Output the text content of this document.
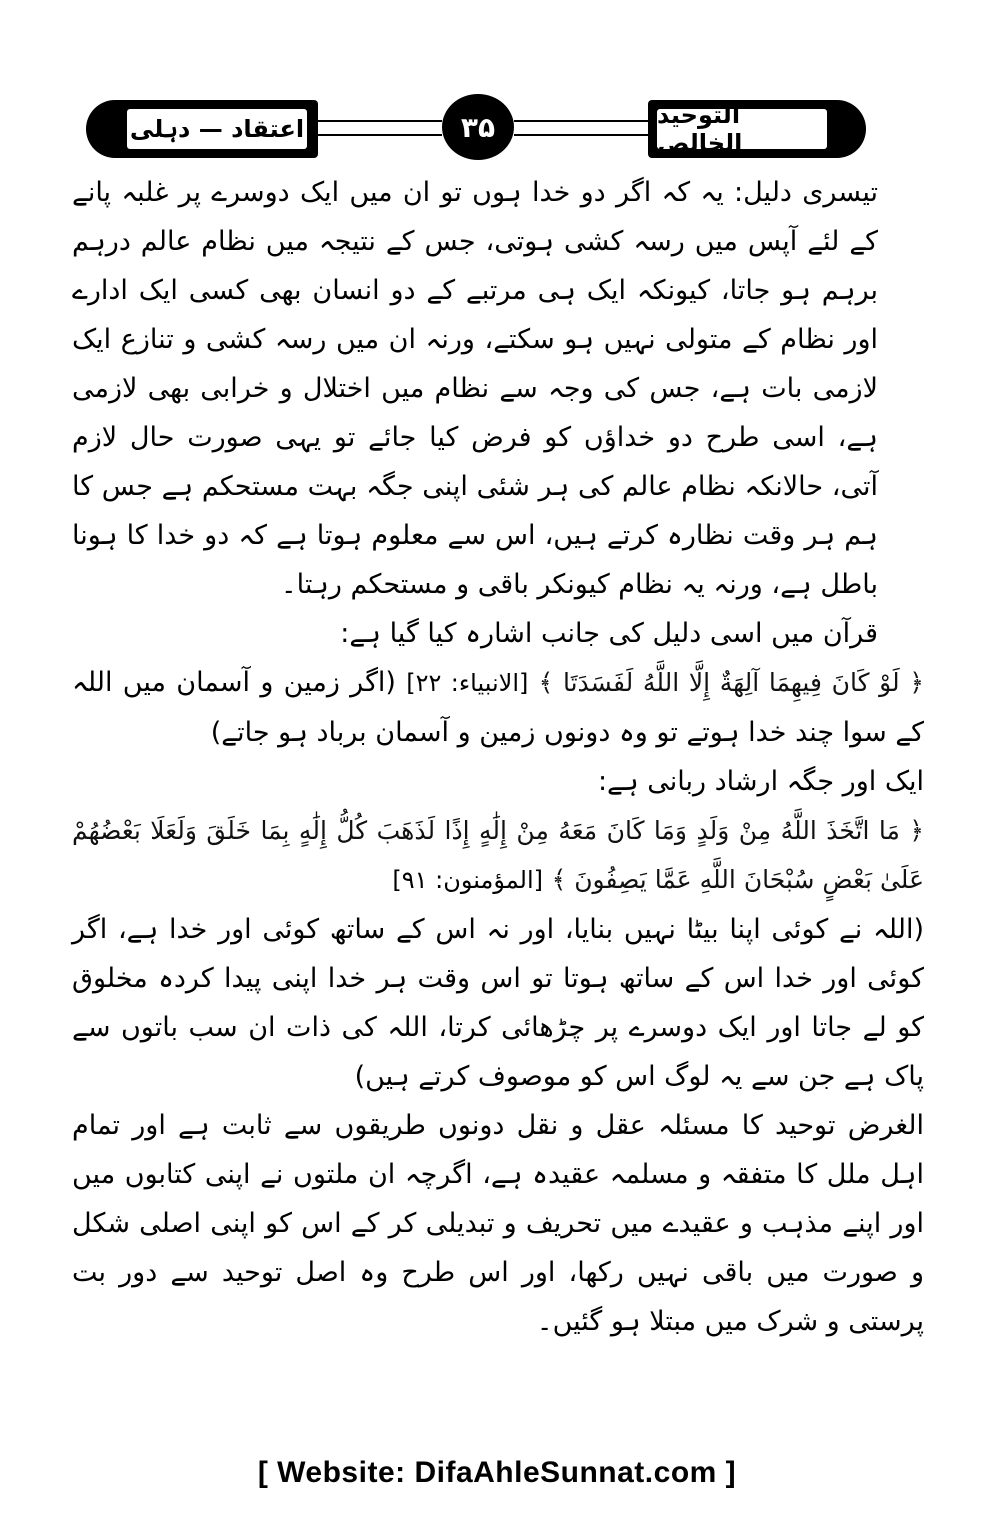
اعتقاد — دہلی	۳۵	التوحید الخالص

تیسری دلیل: یہ کہ اگر دو خدا ہوں تو ان میں ایک دوسرے پر غلبہ پانے کے لئے آپس میں رسہ کشی ہوتی، جس کے نتیجہ میں نظام عالم درہم برہم ہو جاتا، کیونکہ ایک ہی مرتبے کے دو انسان بھی کسی ایک ادارے اور نظام کے متولی نہیں ہو سکتے، ورنہ ان میں رسہ کشی و تنازع ایک لازمی بات ہے، جس کی وجہ سے نظام میں اختلال و خرابی بھی لازمی ہے، اسی طرح دو خداؤں کو فرض کیا جائے تو یہی صورت حال لازم آتی، حالانکہ نظام عالم کی ہر شئی اپنی جگہ بہت مستحکم ہے جس کا ہم ہر وقت نظارہ کرتے ہیں، اس سے معلوم ہوتا ہے کہ دو خدا کا ہونا باطل ہے، ورنہ یہ نظام کیونکر باقی و مستحکم رہتا۔

قرآن میں اسی دلیل کی جانب اشارہ کیا گیا ہے:

﴿ لَوْ كَانَ فِيهِمَا آلِهَةٌ إِلَّا اللَّهُ لَفَسَدَتَا ﴾ [الانبیاء: ۲۲] (اگر زمین و آسمان میں اللہ کے سوا چند خدا ہوتے تو وہ دونوں زمین و آسمان برباد ہو جاتے)

ایک اور جگہ ارشاد ربانی ہے:

﴿ مَا اتَّخَذَ اللَّهُ مِنْ وَلَدٍ وَمَا كَانَ مَعَهُ مِنْ إِلَٰهٍ إِذًا لَذَهَبَ كُلُّ إِلَٰهٍ بِمَا خَلَقَ وَلَعَلَا بَعْضُهُمْ عَلَىٰ بَعْضٍ سُبْحَانَ اللَّهِ عَمَّا يَصِفُونَ ﴾ [المؤمنون: ۹۱]

(اللہ نے کوئی اپنا بیٹا نہیں بنایا، اور نہ اس کے ساتھ کوئی اور خدا ہے، اگر کوئی اور خدا اس کے ساتھ ہوتا تو اس وقت ہر خدا اپنی پیدا کردہ مخلوق کو لے جاتا اور ایک دوسرے پر چڑھائی کرتا، اللہ کی ذات ان سب باتوں سے پاک ہے جن سے یہ لوگ اس کو موصوف کرتے ہیں)

الغرض توحید کا مسئلہ عقل و نقل دونوں طریقوں سے ثابت ہے اور تمام اہل ملل کا متفقہ و مسلمہ عقیدہ ہے، اگرچہ ان ملتوں نے اپنی کتابوں میں اور اپنے مذہب و عقیدے میں تحریف و تبدیلی کر کے اس کو اپنی اصلی شکل و صورت میں باقی نہیں رکھا، اور اس طرح وہ اصل توحید سے دور بت پرستی و شرک میں مبتلا ہو گئیں۔

[ Website: DifaAhleSunnat.com ]
